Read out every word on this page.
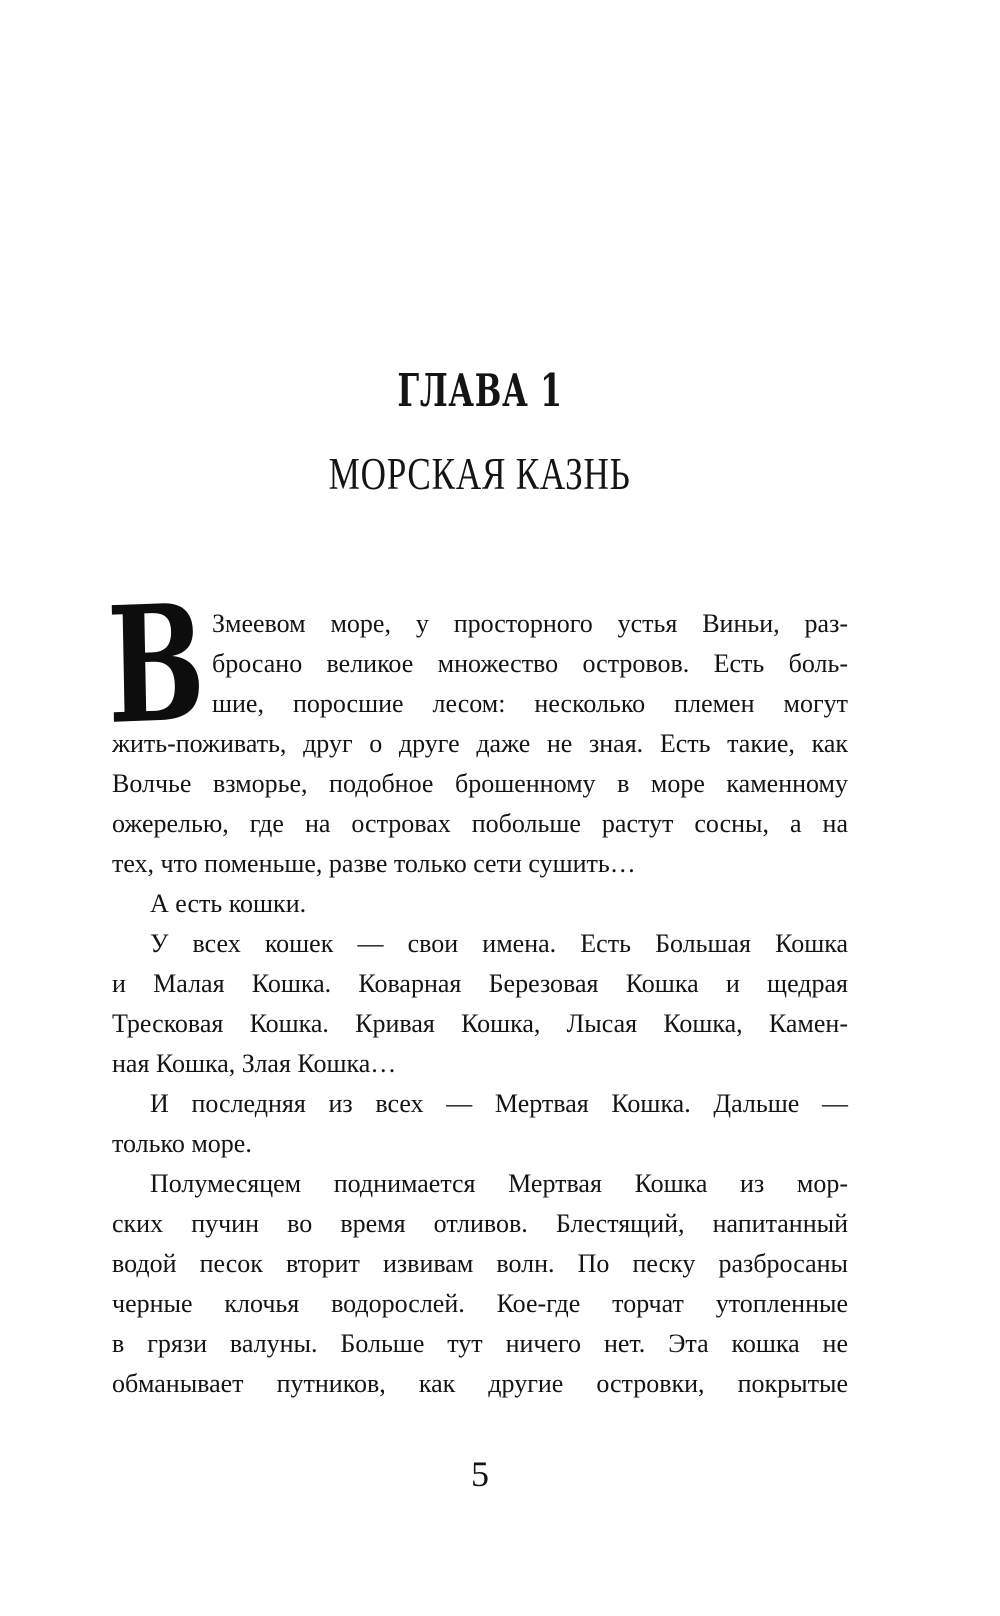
ГЛАВА 1
МОРСКАЯ КАЗНЬ
В Змеевом море, у просторного устья Виньи, раз-
бросано великое множество островов. Есть боль-
шие, поросшие лесом: несколько племен могут
жить-поживать, друг о друге даже не зная. Есть такие, как
Волчье взморье, подобное брошенному в море каменному
ожерелью, где на островах побольше растут сосны, а на
тех, что поменьше, разве только сети сушить…
А есть кошки.
У всех кошек — свои имена. Есть Большая Кошка
и Малая Кошка. Коварная Березовая Кошка и щедрая
Тресковая Кошка. Кривая Кошка, Лысая Кошка, Камен-
ная Кошка, Злая Кошка…
И последняя из всех — Мертвая Кошка. Дальше —
только море.
Полумесяцем поднимается Мертвая Кошка из мор-
ских пучин во время отливов. Блестящий, напитанный
водой песок вторит извивам волн. По песку разбросаны
черные клочья водорослей. Кое-где торчат утопленные
в грязи валуны. Больше тут ничего нет. Эта кошка не
обманывает путников, как другие островки, покрытые
5
